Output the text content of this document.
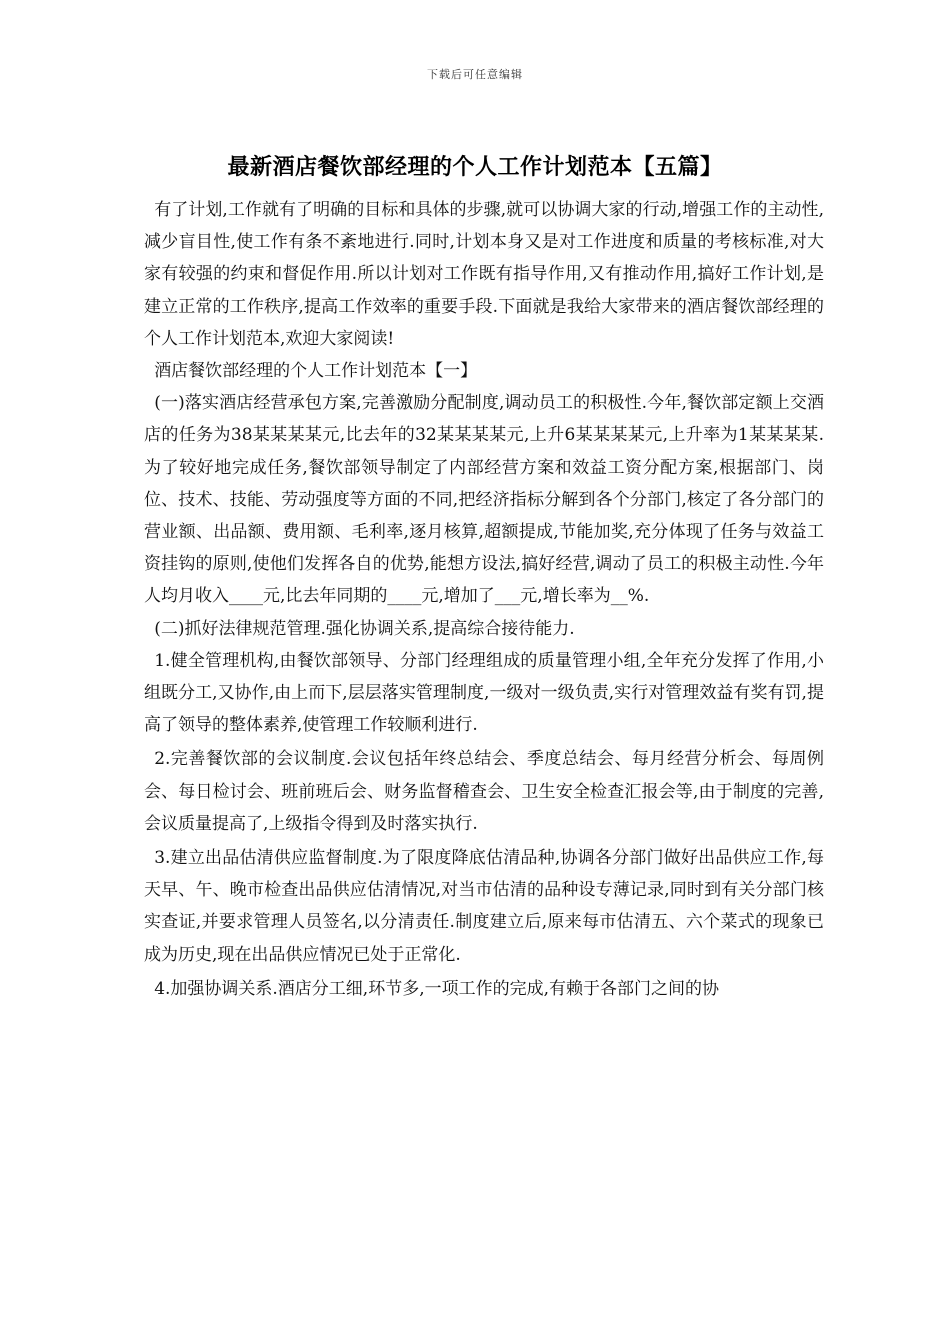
下载后可任意编辑
最新酒店餐饮部经理的个人工作计划范本【五篇】

有了计划,工作就有了明确的目标和具体的步骤,就可以协调大家的行动,增强工作的主动性,减少盲目性,使工作有条不紊地进行.同时,计划本身又是对工作进度和质量的考核标准,对大家有较强的约束和督促作用.所以计划对工作既有指导作用,又有推动作用,搞好工作计划,是建立正常的工作秩序,提高工作效率的重要手段.下面就是我给大家带来的酒店餐饮部经理的个人工作计划范本,欢迎大家阅读!

酒店餐饮部经理的个人工作计划范本【一】

(一)落实酒店经营承包方案,完善激励分配制度,调动员工的积极性.今年,餐饮部定额上交酒店的任务为38某某某某元,比去年的32某某某某元,上升6某某某某元,上升率为1某某某某.为了较好地完成任务,餐饮部领导制定了内部经营方案和效益工资分配方案,根据部门、岗位、技术、技能、劳动强度等方面的不同,把经济指标分解到各个分部门,核定了各分部门的营业额、出品额、费用额、毛利率,逐月核算,超额提成,节能加奖,充分体现了任务与效益工资挂钩的原则,使他们发挥各自的优势,能想方设法,搞好经营,调动了员工的积极主动性.今年人均月收入____元,比去年同期的____元,增加了___元,增长率为__%.

(二)抓好法律规范管理.强化协调关系,提高综合接待能力.

1.健全管理机构,由餐饮部领导、分部门经理组成的质量管理小组,全年充分发挥了作用,小组既分工,又协作,由上而下,层层落实管理制度,一级对一级负责,实行对管理效益有奖有罚,提高了领导的整体素养,使管理工作较顺利进行.

2.完善餐饮部的会议制度.会议包括年终总结会、季度总结会、每月经营分析会、每周例会、每日检讨会、班前班后会、财务监督稽查会、卫生安全检查汇报会等,由于制度的完善,会议质量提高了,上级指令得到及时落实执行.

3.建立出品估清供应监督制度.为了限度降底估清品种,协调各分部门做好出品供应工作,每天早、午、晚市检查出品供应估清情况,对当市估清的品种设专薄记录,同时到有关分部门核实查证,并要求管理人员签名,以分清责任.制度建立后,原来每市估清五、六个菜式的现象已成为历史,现在出品供应情况已处于正常化.

4.加强协调关系.酒店分工细,环节多,一项工作的完成,有赖于各部门之间的协
